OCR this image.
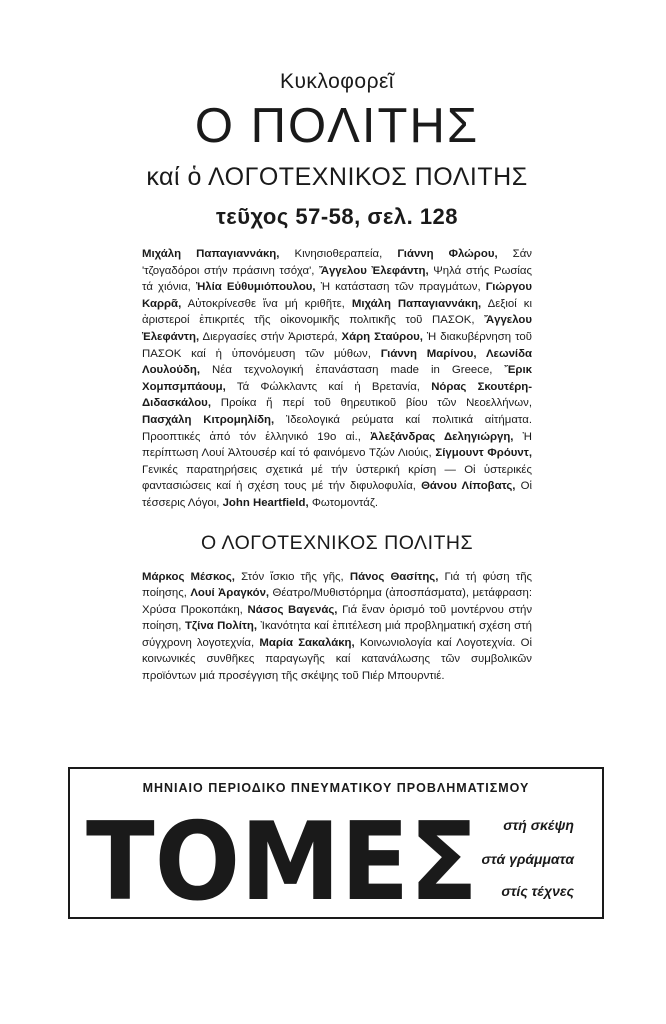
Κυκλοφορεῖ
Ο ΠΟΛΙΤΗΣ
καί ὁ ΛΟΓΟΤΕΧΝΙΚΟΣ ΠΟΛΙΤΗΣ
τεῦχος 57-58, σελ. 128
Μιχάλη Παπαγιαννάκη, Κινησιοθεραπεία, Γιάννη Φλώρου, Σάν 'τζογαδόροι στήν πράσινη τσόχα', Ἄγγελου Ἐλεφάντη, Ψηλά στής Ρωσίας τά χιόνια, Ἠλία Εὐθυμιόπουλου, Ἡ κατάσταση τῶν πραγμάτων, Γιώργου Καρρᾶ, Αὐτοκρίνεσθε ἵνα μή κριθῆτε, Μιχάλη Παπαγιαννάκη, Δεξιοί κι ἀριστεροί ἐπικριτές τῆς οἰκονομικῆς πολιτικῆς τοῦ ΠΑΣΟΚ, Ἄγγελου Ἐλεφάντη, Διεργασίες στήν Ἀριστερά, Χάρη Σταύρου, Ἡ διακυβέρνηση τοῦ ΠΑΣΟΚ καί ἡ ὑπονόμευση τῶν μύθων, Γιάννη Μαρίνου, Λεωνίδα Λουλούδη, Νέα τεχνολογική ἐπανάσταση made in Greece, Ἔρικ Χομπσμπάουμ, Τά Φώλκλαντς καί ἡ Βρετανία, Νόρας Σκουτέρη-Διδασκάλου, Προίκα ἤ περί τοῦ θηρευτικοῦ βίου τῶν Νεοελλήνων, Πασχάλη Κιτρομηλίδη, Ἰδεολογικά ρεύματα καί πολιτικά αἰτήματα. Προοπτικές ἀπό τόν ἑλληνικό 19ο αἰ., Ἀλεξάνδρας Δεληγιώργη, Ἡ περίπτωση Λουί Ἀλτουσέρ καί τό φαινόμενο Τζών Λιούις, Σίγμουντ Φρόυντ, Γενικές παρατηρήσεις σχετικά μέ τήν ὑστερική κρίση — Οἱ ὑστερικές φαντασιώσεις καί ἡ σχέση τους μέ τήν διφυλοφυλία, Θάνου Λίποβατς, Οἱ τέσσερις Λόγοι, John Heartfield, Φωτομοντάζ.
Ο ΛΟΓΟΤΕΧΝΙΚΟΣ ΠΟΛΙΤΗΣ
Μάρκος Μέσκος, Στόν ἴσκιο τῆς γῆς, Πάνος Θασίτης, Γιά τή φύση τῆς ποίησης, Λουί Ἀραγκόν, Θέατρο/Μυθιστόρημα (ἀποσπάσματα), μετάφραση: Χρύσα Προκοπάκη, Νάσος Βαγενάς, Γιά ἕναν ὁρισμό τοῦ μοντέρνου στήν ποίηση, Τζίνα Πολίτη, Ἱκανότητα καί ἐπιτέλεση μιά προβληματική σχέση στή σύγχρονη λογοτεχνία, Μαρία Σακαλάκη, Κοινωνιολογία καί Λογοτεχνία. Οἱ κοινωνικές συνθῆκες παραγωγῆς καί κατανάλωσης τῶν συμβολικῶν προϊόντων μιά προσέγγιση τῆς σκέψης τοῦ Πιέρ Μπουρντιέ.
ΜΗΝΙΑΙΟ ΠΕΡΙΟΔΙΚΟ ΠΝΕΥΜΑΤΙΚΟΥ ΠΡΟΒΛΗΜΑΤΙΣΜΟΥ
ΤΟΜΕΣ στή σκέψη
στά γράμματα
στίς τέχνες
